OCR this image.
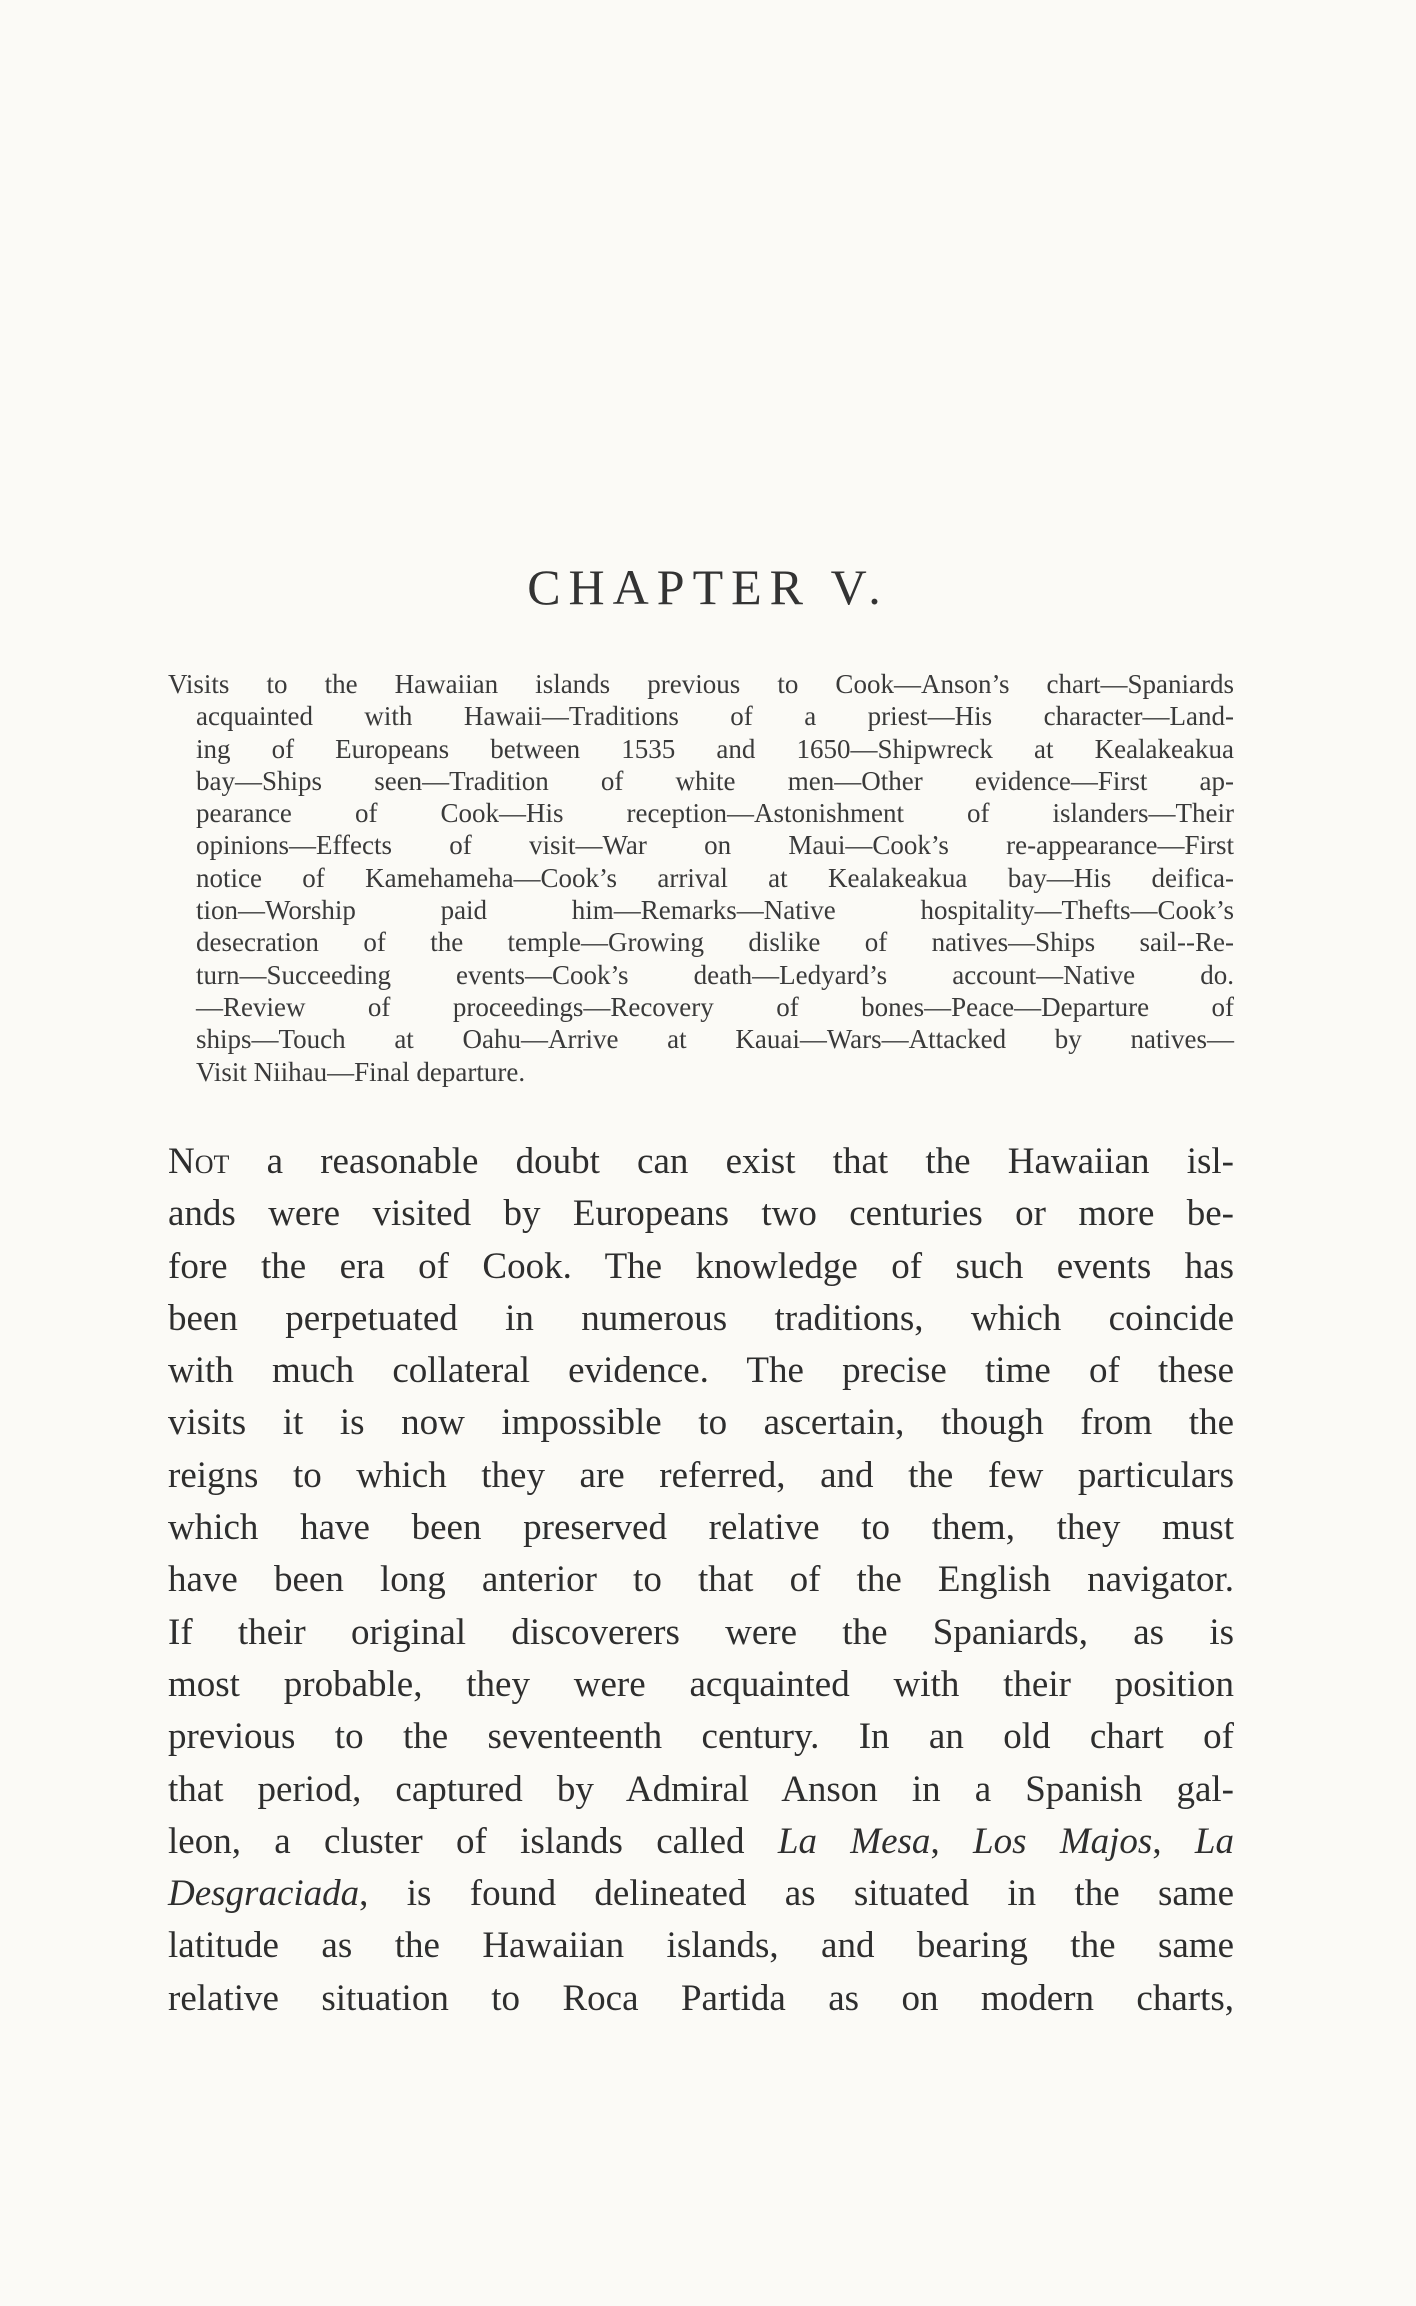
CHAPTER V.
Visits to the Hawaiian islands previous to Cook—Anson’s chart—Spaniards
acquainted with Hawaii—Traditions of a priest—His character—Land-
ing of Europeans between 1535 and 1650—Shipwreck at Kealakeakua
bay—Ships seen—Tradition of white men—Other evidence—First ap-
pearance of Cook—His reception—Astonishment of islanders—Their
opinions—Effects of visit—War on Maui—Cook’s re-appearance—First
notice of Kamehameha—Cook’s arrival at Kealakeakua bay—His deifica-
tion—Worship paid him—Remarks—Native hospitality—Thefts—Cook’s
desecration of the temple—Growing dislike of natives—Ships sail--Re-
turn—Succeeding events—Cook’s death—Ledyard’s account—Native do.
—Review of proceedings—Recovery of bones—Peace—Departure of
ships—Touch at Oahu—Arrive at Kauai—Wars—Attacked by natives—
Visit Niihau—Final departure.
Not a reasonable doubt can exist that the Hawaiian isl-
ands were visited by Europeans two centuries or more be-
fore the era of Cook. The knowledge of such events has
been perpetuated in numerous traditions, which coincide
with much collateral evidence. The precise time of these
visits it is now impossible to ascertain, though from the
reigns to which they are referred, and the few particulars
which have been preserved relative to them, they must
have been long anterior to that of the English navigator.
If their original discoverers were the Spaniards, as is
most probable, they were acquainted with their position
previous to the seventeenth century. In an old chart of
that period, captured by Admiral Anson in a Spanish gal-
leon, a cluster of islands called La Mesa, Los Majos, La
Desgraciada, is found delineated as situated in the same
latitude as the Hawaiian islands, and bearing the same
relative situation to Roca Partida as on modern charts,
